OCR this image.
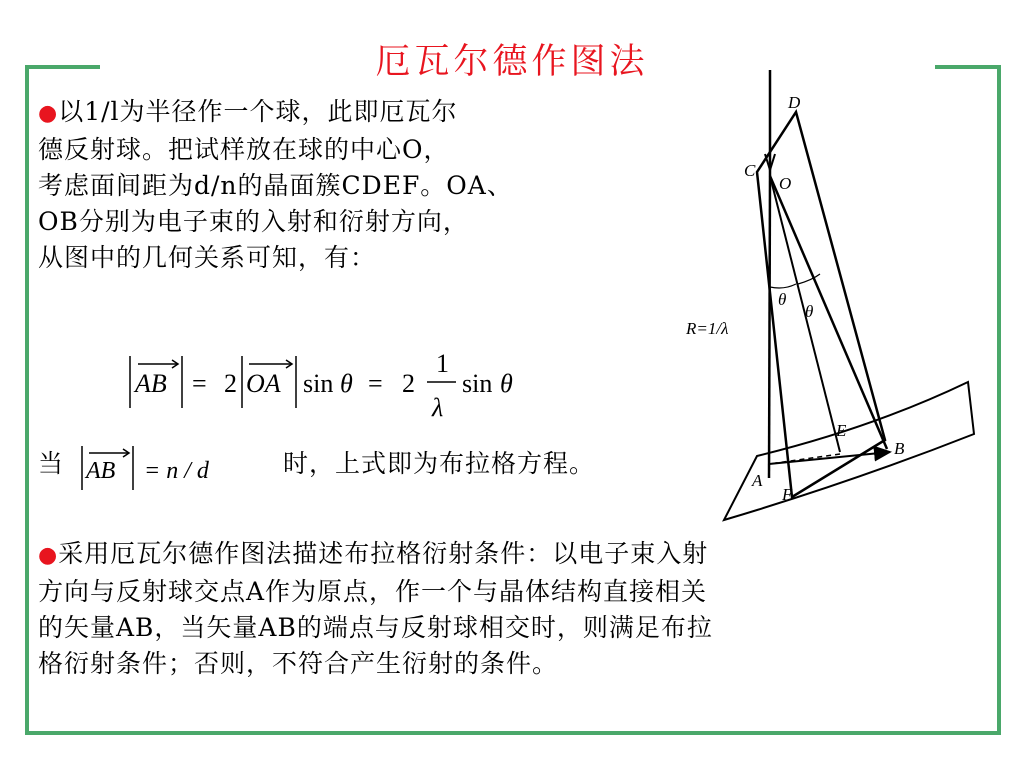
厄瓦尔德作图法
●以1/l为半径作一个球，此即厄瓦尔
德反射球。把试样放在球的中心O，
考虑面间距为d/n的晶面簇CDEF。OA、
OB分别为电子束的入射和衍射方向，
从图中的几何关系可知，有：
AB = 2 OA sin θ = 2
1
λ
sin θ
当 AB = n / d	时，上式即为布拉格方程。
●采用厄瓦尔德作图法描述布拉格衍射条件：以电子束入射
方向与反射球交点A作为原点，作一个与晶体结构直接相关
的矢量AB，当矢量AB的端点与反射球相交时，则满足布拉
格衍射条件；否则，不符合产生衍射的条件。
D
C
O
θ
θ
R=1/λ
E
B
A
F
